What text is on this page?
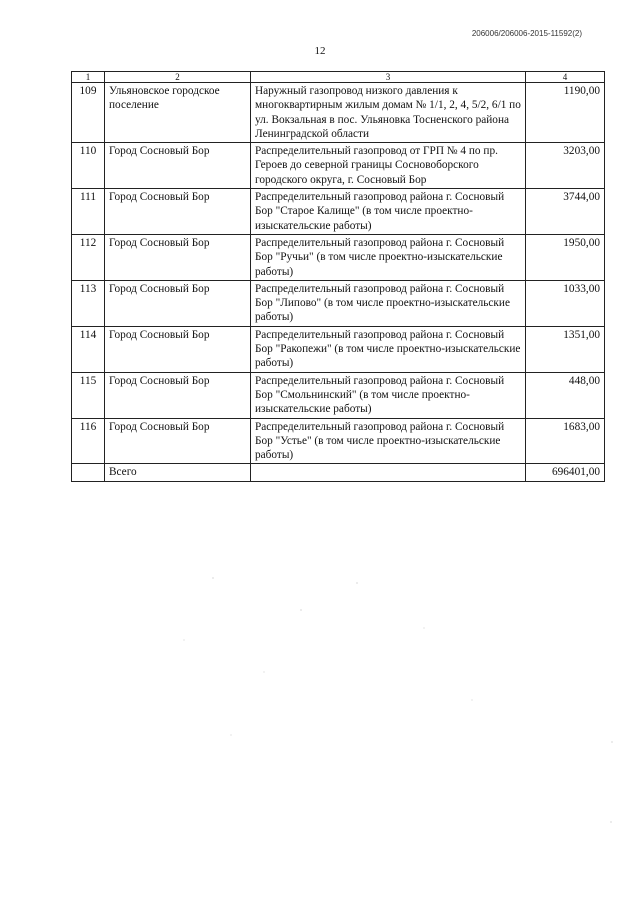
206006/206006-2015-11592(2)
12
1	2	3	4
109	Ульяновское городское поселение	Наружный газопровод низкого давления к многоквартирным жилым домам № 1/1, 2, 4, 5/2, 6/1 по ул. Вокзальная в пос. Ульяновка Тосненского района Ленинградской области	1190,00
110	Город Сосновый Бор	Распределительный газопровод от ГРП № 4 по пр. Героев до северной границы Сосновоборского городского округа, г. Сосновый Бор	3203,00
111	Город Сосновый Бор	Распределительный газопровод района г. Сосновый Бор "Старое Калище" (в том числе проектно-изыскательские работы)	3744,00
112	Город Сосновый Бор	Распределительный газопровод района г. Сосновый Бор "Ручьи" (в том числе проектно-изыскательские работы)	1950,00
113	Город Сосновый Бор	Распределительный газопровод района г. Сосновый Бор "Липово" (в том числе проектно-изыскательские работы)	1033,00
114	Город Сосновый Бор	Распределительный газопровод района г. Сосновый Бор "Ракопежи" (в том числе проектно-изыскательские работы)	1351,00
115	Город Сосновый Бор	Распределительный газопровод района г. Сосновый Бор "Смольнинский" (в том числе проектно-изыскательские работы)	448,00
116	Город Сосновый Бор	Распределительный газопровод района г. Сосновый Бор "Устье" (в том числе проектно-изыскательские работы)	1683,00
	Всего		696401,00
